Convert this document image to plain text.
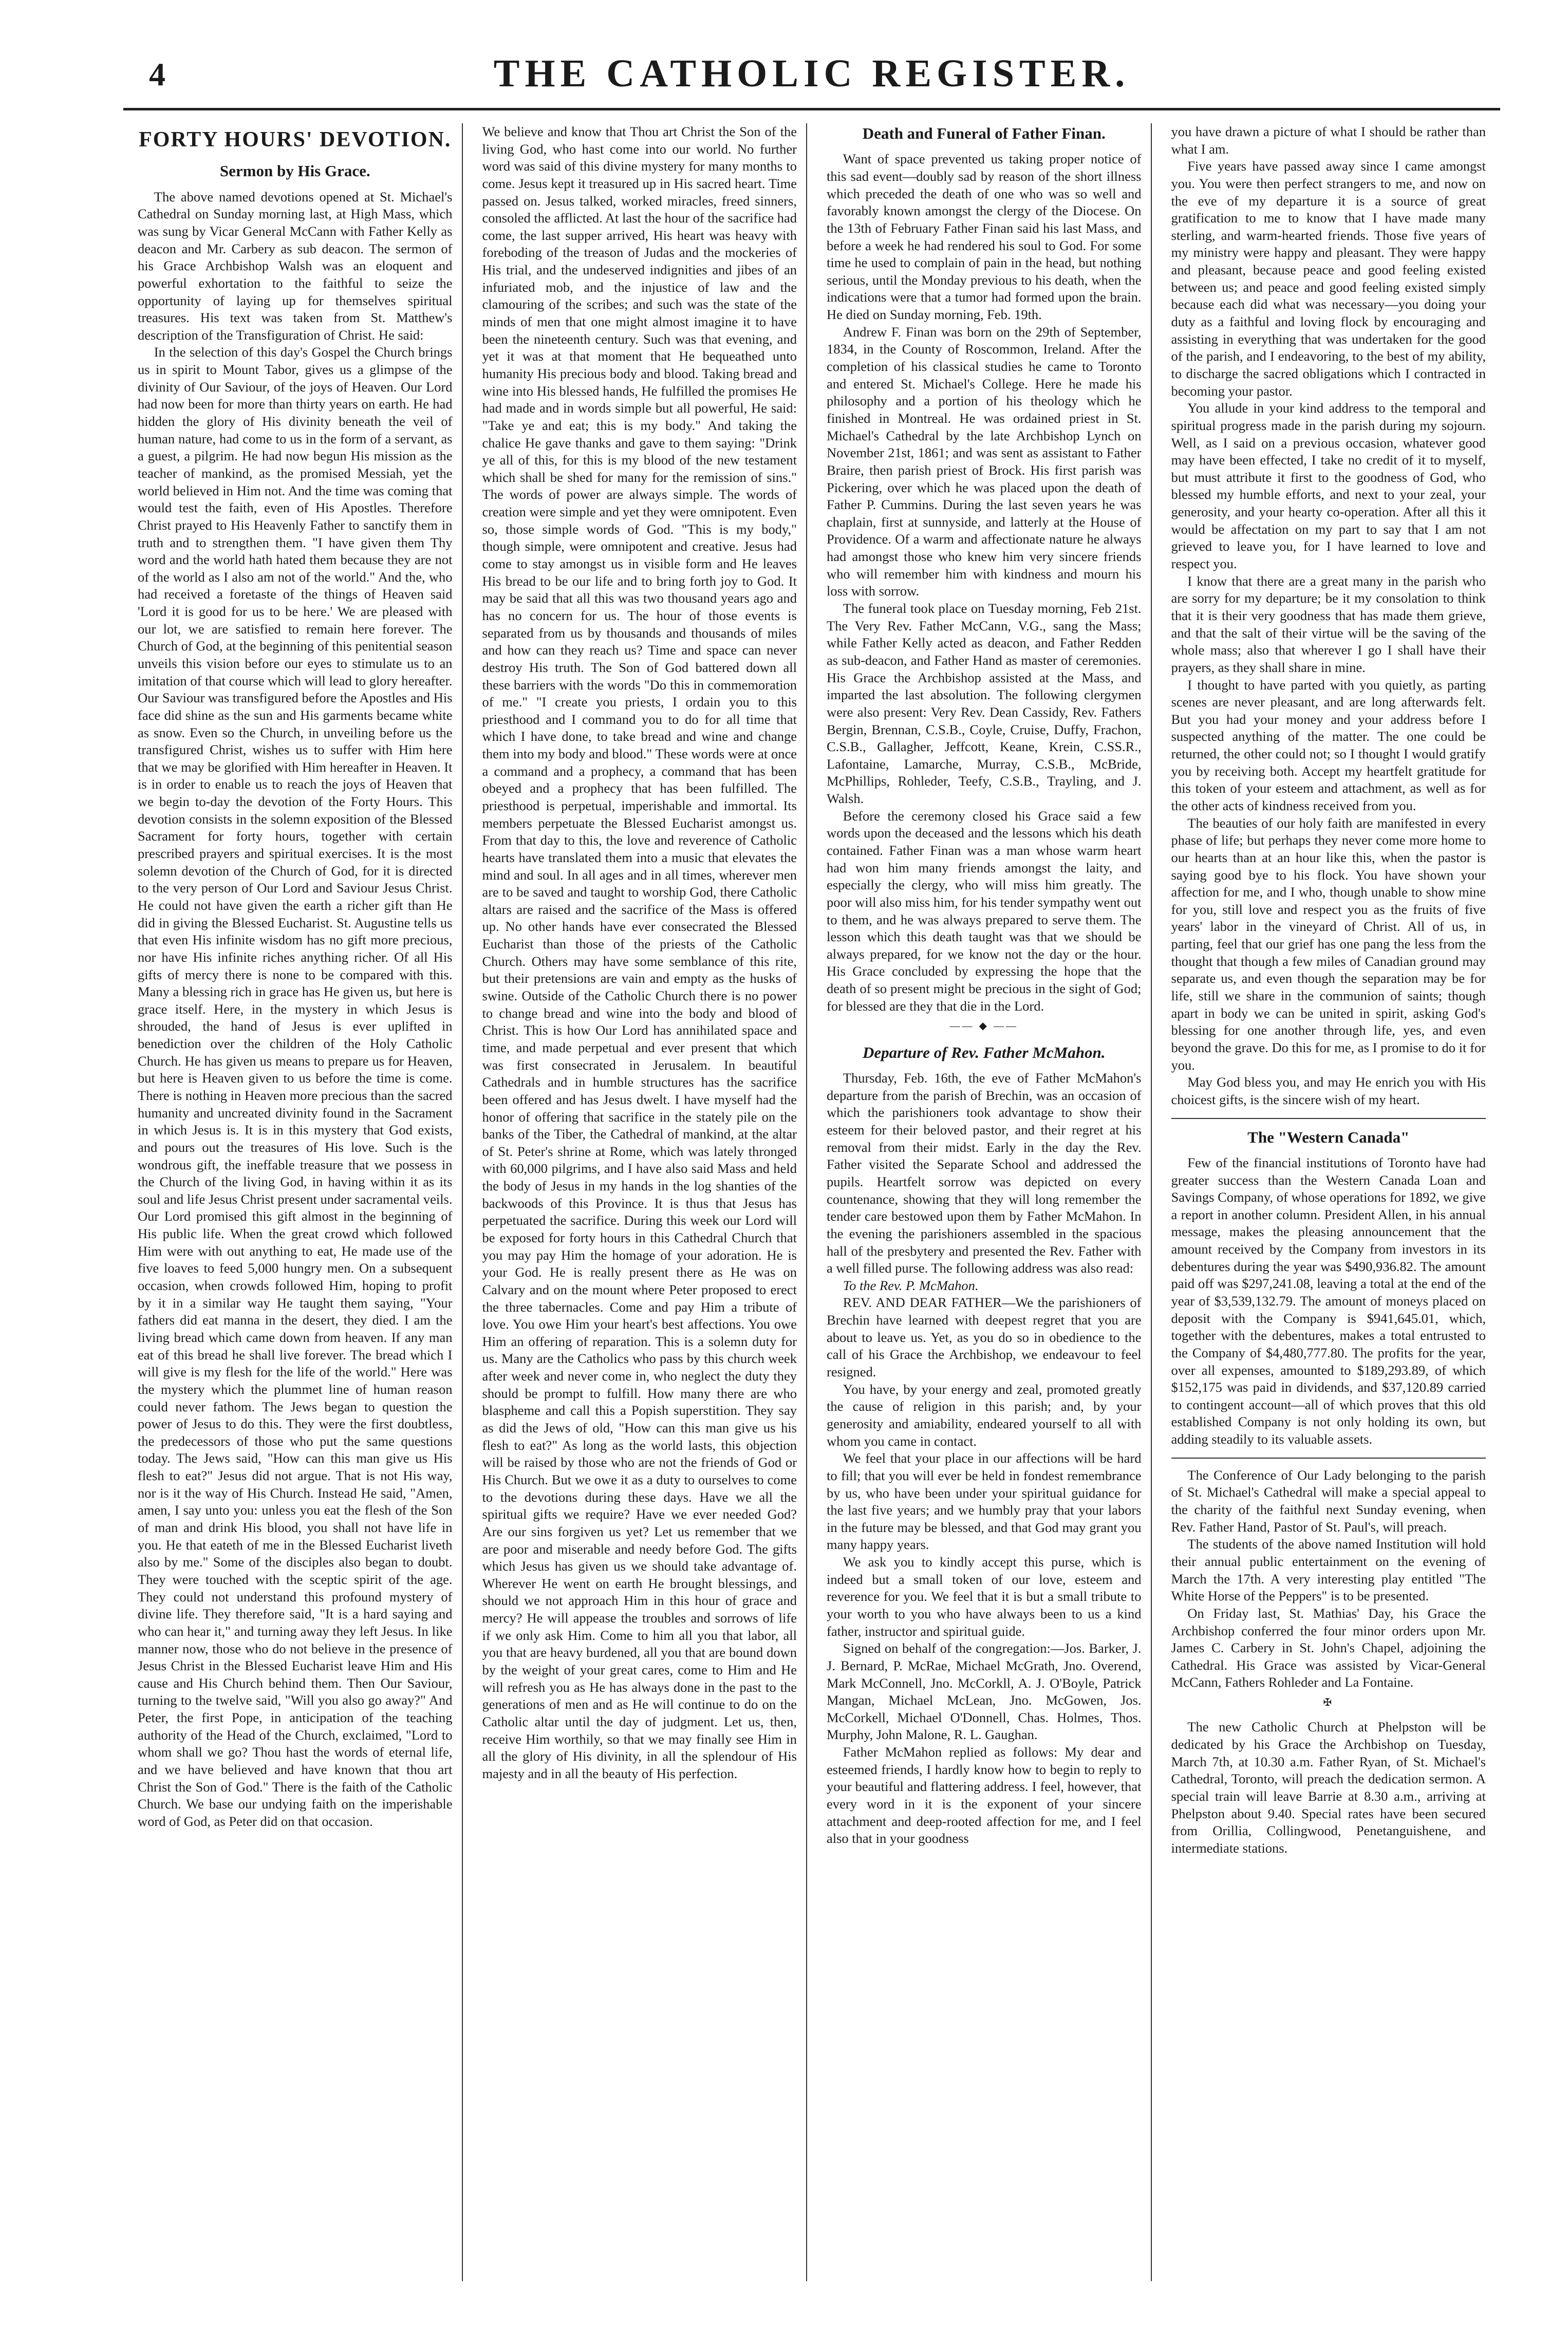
4	THE CATHOLIC REGISTER.
FORTY HOURS' DEVOTION.
Sermon by His Grace.

The above named devotions opened at St. Michael's Cathedral on Sunday morning last, at High Mass, which was sung by Vicar General McCann with Father Kelly as deacon and Mr. Carbery as sub deacon. The sermon of his Grace Archbishop Walsh was an eloquent and powerful exhortation to the faithful to seize the opportunity of laying up for themselves spiritual treasures. His text was taken from St. Matthew's description of the Transfiguration of Christ. He said:

In the selection of this day's Gospel the Church brings us in spirit to Mount Tabor, gives us a glimpse of the divinity of Our Saviour, of the joys of Heaven. Our Lord had now been for more than thirty years on earth. He had hidden the glory of His divinity beneath the veil of human nature, had come to us in the form of a servant, as a guest, a pilgrim. He had now begun His mission as the teacher of mankind, as the promised Messiah, yet the world believed in Him not. And the time was coming that would test the faith, even of His Apostles. Therefore Christ prayed to His Heavenly Father to sanctify them in truth and to strengthen them. "I have given them Thy word and the world hath hated them because they are not of the world as I also am not of the world." And the, who had received a foretaste of the things of Heaven said 'Lord it is good for us to be here.' We are pleased with our lot, we are satisfied to remain here forever. The Church of God, at the beginning of this penitential season unveils this vision before our eyes to stimulate us to an imitation of that course which will lead to glory hereafter. Our Saviour was transfigured before the Apostles and His face did shine as the sun and His garments became white as snow. Even so the Church, in unveiling before us the transfigured Christ, wishes us to suffer with Him here that we may be glorified with Him hereafter in Heaven. It is in order to enable us to reach the joys of Heaven that we begin to-day the devotion of the Forty Hours. This devotion consists in the solemn exposition of the Blessed Sacrament for forty hours, together with certain prescribed prayers and spiritual exercises. It is the most solemn devotion of the Church of God, for it is directed to the very person of Our Lord and Saviour Jesus Christ. He could not have given the earth a richer gift than He did in giving the Blessed Eucharist. St. Augustine tells us that even His infinite wisdom has no gift more precious, nor have His infinite riches anything richer. Of all His gifts of mercy there is none to be compared with this. Many a blessing rich in grace has He given us, but here is grace itself. Here, in the mystery in which Jesus is shrouded, the hand of Jesus is ever uplifted in benediction over the children of the Holy Catholic Church. He has given us means to prepare us for Heaven, but here is Heaven given to us before the time is come. There is nothing in Heaven more precious than the sacred humanity and uncreated divinity found in the Sacrament in which Jesus is. It is in this mystery that God exists, and pours out the treasures of His love. Such is the wondrous gift, the ineffable treasure that we possess in the Church of the living God, in having within it as its soul and life Jesus Christ present under sacramental veils. Our Lord promised this gift almost in the beginning of His public life. When the great crowd which followed Him were with out anything to eat, He made use of the five loaves to feed 5,000 hungry men. On a subsequent occasion, when crowds followed Him, hoping to profit by it in a similar way He taught them saying, "Your fathers did eat manna in the desert, they died. I am the living bread which came down from heaven. If any man eat of this bread he shall live forever. The bread which I will give is my flesh for the life of the world." Here was the mystery which the plummet line of human reason could never fathom. The Jews began to question the power of Jesus to do this. They were the first doubtless, the predecessors of those who put the same questions today. The Jews said, "How can this man give us His flesh to eat?" Jesus did not argue. That is not His way, nor is it the way of His Church. Instead He said, "Amen, amen, I say unto you: unless you eat the flesh of the Son of man and drink His blood, you shall not have life in you. He that eateth of me in the Blessed Eucharist liveth also by me." Some of the disciples also began to doubt. They were touched with the sceptic spirit of the age. They could not understand this profound mystery of divine life. They therefore said, "It is a hard saying and who can hear it," and turning away they left Jesus. In like manner now, those who do not believe in the presence of Jesus Christ in the Blessed Eucharist leave Him and His cause and His Church behind them. Then Our Saviour, turning to the twelve said, "Will you also go away?" And Peter, the first Pope, in anticipation of the teaching authority of the Head of the Church, exclaimed, "Lord to whom shall we go? Thou hast the words of eternal life, and we have believed and have known that thou art Christ the Son of God." There is the faith of the Catholic Church. We base our undying faith on the imperishable word of God, as Peter did on that occasion.

We believe and know that Thou art Christ the Son of the living God, who hast come into our world. No further word was said of this divine mystery for many months to come. Jesus kept it treasured up in His sacred heart. Time passed on. Jesus talked, worked miracles, freed sinners, consoled the afflicted. At last the hour of the sacrifice had come, the last supper arrived, His heart was heavy with foreboding of the treason of Judas and the mockeries of His trial, and the undeserved indignities and jibes of an infuriated mob, and the injustice of law and the clamouring of the scribes; and such was the state of the minds of men that one might almost imagine it to have been the nineteenth century. Such was that evening, and yet it was at that moment that He bequeathed unto humanity His precious body and blood. Taking bread and wine into His blessed hands, He fulfilled the promises He had made and in words simple but all powerful, He said: "Take ye and eat; this is my body." And taking the chalice He gave thanks and gave to them saying: "Drink ye all of this, for this is my blood of the new testament which shall be shed for many for the remission of sins." The words of power are always simple. The words of creation were simple and yet they were omnipotent. Even so, those simple words of God. "This is my body," though simple, were omnipotent and creative. Jesus had come to stay amongst us in visible form and He leaves His bread to be our life and to bring forth joy to God. It may be said that all this was two thousand years ago and has no concern for us. The hour of those events is separated from us by thousands and thousands of miles and how can they reach us? Time and space can never destroy His truth. The Son of God battered down all these barriers with the words "Do this in commemoration of me." "I create you priests, I ordain you to this priesthood and I command you to do for all time that which I have done, to take bread and wine and change them into my body and blood." These words were at once a command and a prophecy, a command that has been obeyed and a prophecy that has been fulfilled. The priesthood is perpetual, imperishable and immortal. Its members perpetuate the Blessed Eucharist amongst us. From that day to this, the love and reverence of Catholic hearts have translated them into a music that elevates the mind and soul. In all ages and in all times, wherever men are to be saved and taught to worship God, there Catholic altars are raised and the sacrifice of the Mass is offered up. No other hands have ever consecrated the Blessed Eucharist than those of the priests of the Catholic Church. Others may have some semblance of this rite, but their pretensions are vain and empty as the husks of swine. Outside of the Catholic Church there is no power to change bread and wine into the body and blood of Christ. This is how Our Lord has annihilated space and time, and made perpetual and ever present that which was first consecrated in Jerusalem. In beautiful Cathedrals and in humble structures has the sacrifice been offered and has Jesus dwelt. I have myself had the honor of offering that sacrifice in the stately pile on the banks of the Tiber, the Cathedral of mankind, at the altar of St. Peter's shrine at Rome, which was lately thronged with 60,000 pilgrims, and I have also said Mass and held the body of Jesus in my hands in the log shanties of the backwoods of this Province. It is thus that Jesus has perpetuated the sacrifice. During this week our Lord will be exposed for forty hours in this Cathedral Church that you may pay Him the homage of your adoration. He is your God. He is really present there as He was on Calvary and on the mount where Peter proposed to erect the three tabernacles. Come and pay Him a tribute of love. You owe Him your heart's best affections. You owe Him an offering of reparation. This is a solemn duty for us. Many are the Catholics who pass by this church week after week and never come in, who neglect the duty they should be prompt to fulfill. How many there are who blaspheme and call this a Popish superstition. They say as did the Jews of old, "How can this man give us his flesh to eat?" As long as the world lasts, this objection will be raised by those who are not the friends of God or His Church. But we owe it as a duty to ourselves to come to the devotions during these days. Have we all the spiritual gifts we require? Have we ever needed God? Are our sins forgiven us yet? Let us remember that we are poor and miserable and needy before God. The gifts which Jesus has given us we should take advantage of. Wherever He went on earth He brought blessings, and should we not approach Him in this hour of grace and mercy? He will appease the troubles and sorrows of life if we only ask Him. Come to him all you that labor, all you that are heavy burdened, all you that are bound down by the weight of your great cares, come to Him and He will refresh you as He has always done in the past to the generations of men and as He will continue to do on the Catholic altar until the day of judgment. Let us, then, receive Him worthily, so that we may finally see Him in all the glory of His divinity, in all the splendour of His majesty and in all the beauty of His perfection.

Death and Funeral of Father Finan.

Want of space prevented us taking proper notice of this sad event—doubly sad by reason of the short illness which preceded the death of one who was so well and favorably known amongst the clergy of the Diocese. On the 13th of February Father Finan said his last Mass, and before a week he had rendered his soul to God. For some time he used to complain of pain in the head, but nothing serious, until the Monday previous to his death, when the indications were that a tumor had formed upon the brain. He died on Sunday morning, Feb. 19th.

Andrew F. Finan was born on the 29th of September, 1834, in the County of Roscommon, Ireland. After the completion of his classical studies he came to Toronto and entered St. Michael's College. Here he made his philosophy and a portion of his theology which he finished in Montreal. He was ordained priest in St. Michael's Cathedral by the late Archbishop Lynch on November 21st, 1861; and was sent as assistant to Father Braire, then parish priest of Brock. His first parish was Pickering, over which he was placed upon the death of Father P. Cummins. During the last seven years he was chaplain, first at sunnyside, and latterly at the House of Providence. Of a warm and affectionate nature he always had amongst those who knew him very sincere friends who will remember him with kindness and mourn his loss with sorrow.

The funeral took place on Tuesday morning, Feb 21st. The Very Rev. Father McCann, V.G., sang the Mass; while Father Kelly acted as deacon, and Father Redden as sub-deacon, and Father Hand as master of ceremonies. His Grace the Archbishop assisted at the Mass, and imparted the last absolution. The following clergymen were also present: Very Rev. Dean Cassidy, Rev. Fathers Bergin, Brennan, C.S.B., Coyle, Cruise, Duffy, Frachon, C.S.B., Gallagher, Jeffcott, Keane, Krein, C.SS.R., Lafontaine, Lamarche, Murray, C.S.B., McBride, McPhillips, Rohleder, Teefy, C.S.B., Trayling, and J. Walsh.

Before the ceremony closed his Grace said a few words upon the deceased and the lessons which his death contained. Father Finan was a man whose warm heart had won him many friends amongst the laity, and especially the clergy, who will miss him greatly. The poor will also miss him, for his tender sympathy went out to them, and he was always prepared to serve them. The lesson which this death taught was that we should be always prepared, for we know not the day or the hour. His Grace concluded by expressing the hope that the death of so present might be precious in the sight of God; for blessed are they that die in the Lord.

—— ◆ ——
Departure of Rev. Father McMahon.

Thursday, Feb. 16th, the eve of Father McMahon's departure from the parish of Brechin, was an occasion of which the parishioners took advantage to show their esteem for their beloved pastor, and their regret at his removal from their midst. Early in the day the Rev. Father visited the Separate School and addressed the pupils. Heartfelt sorrow was depicted on every countenance, showing that they will long remember the tender care bestowed upon them by Father McMahon. In the evening the parishioners assembled in the spacious hall of the presbytery and presented the Rev. Father with a well filled purse. The following address was also read:

To the Rev. P. McMahon.

REV. AND DEAR FATHER—We the parishioners of Brechin have learned with deepest regret that you are about to leave us. Yet, as you do so in obedience to the call of his Grace the Archbishop, we endeavour to feel resigned.

You have, by your energy and zeal, promoted greatly the cause of religion in this parish; and, by your generosity and amiability, endeared yourself to all with whom you came in contact.

We feel that your place in our affections will be hard to fill; that you will ever be held in fondest remembrance by us, who have been under your spiritual guidance for the last five years; and we humbly pray that your labors in the future may be blessed, and that God may grant you many happy years.

We ask you to kindly accept this purse, which is indeed but a small token of our love, esteem and reverence for you. We feel that it is but a small tribute to your worth to you who have always been to us a kind father, instructor and spiritual guide.

Signed on behalf of the congregation:—Jos. Barker, J. J. Bernard, P. McRae, Michael McGrath, Jno. Overend, Mark McConnell, Jno. McCorkll, A. J. O'Boyle, Patrick Mangan, Michael McLean, Jno. McGowen, Jos. McCorkell, Michael O'Donnell, Chas. Holmes, Thos. Murphy, John Malone, R. L. Gaughan.

Father McMahon replied as follows: My dear and esteemed friends, I hardly know how to begin to reply to your beautiful and flattering address. I feel, however, that every word in it is the exponent of your sincere attachment and deep-rooted affection for me, and I feel also that in your goodness

you have drawn a picture of what I should be rather than what I am.

Five years have passed away since I came amongst you. You were then perfect strangers to me, and now on the eve of my departure it is a source of great gratification to me to know that I have made many sterling, and warm-hearted friends. Those five years of my ministry were happy and pleasant. They were happy and pleasant, because peace and good feeling existed between us; and peace and good feeling existed simply because each did what was necessary—you doing your duty as a faithful and loving flock by encouraging and assisting in everything that was undertaken for the good of the parish, and I endeavoring, to the best of my ability, to discharge the sacred obligations which I contracted in becoming your pastor.

You allude in your kind address to the temporal and spiritual progress made in the parish during my sojourn. Well, as I said on a previous occasion, whatever good may have been effected, I take no credit of it to myself, but must attribute it first to the goodness of God, who blessed my humble efforts, and next to your zeal, your generosity, and your hearty co-operation. After all this it would be affectation on my part to say that I am not grieved to leave you, for I have learned to love and respect you.

I know that there are a great many in the parish who are sorry for my departure; be it my consolation to think that it is their very goodness that has made them grieve, and that the salt of their virtue will be the saving of the whole mass; also that wherever I go I shall have their prayers, as they shall share in mine.

I thought to have parted with you quietly, as parting scenes are never pleasant, and are long afterwards felt. But you had your money and your address before I suspected anything of the matter. The one could be returned, the other could not; so I thought I would gratify you by receiving both. Accept my heartfelt gratitude for this token of your esteem and attachment, as well as for the other acts of kindness received from you.

The beauties of our holy faith are manifested in every phase of life; but perhaps they never come more home to our hearts than at an hour like this, when the pastor is saying good bye to his flock. You have shown your affection for me, and I who, though unable to show mine for you, still love and respect you as the fruits of five years' labor in the vineyard of Christ. All of us, in parting, feel that our grief has one pang the less from the thought that though a few miles of Canadian ground may separate us, and even though the separation may be for life, still we share in the communion of saints; though apart in body we can be united in spirit, asking God's blessing for one another through life, yes, and even beyond the grave. Do this for me, as I promise to do it for you.

May God bless you, and may He enrich you with His choicest gifts, is the sincere wish of my heart.

The "Western Canada"

Few of the financial institutions of Toronto have had greater success than the Western Canada Loan and Savings Company, of whose operations for 1892, we give a report in another column. President Allen, in his annual message, makes the pleasing announcement that the amount received by the Company from investors in its debentures during the year was $490,936.82. The amount paid off was $297,241.08, leaving a total at the end of the year of $3,539,132.79. The amount of moneys placed on deposit with the Company is $941,645.01, which, together with the debentures, makes a total entrusted to the Company of $4,480,777.80. The profits for the year, over all expenses, amounted to $189,293.89, of which $152,175 was paid in dividends, and $37,120.89 carried to contingent account—all of which proves that this old established Company is not only holding its own, but adding steadily to its valuable assets.

The Conference of Our Lady belonging to the parish of St. Michael's Cathedral will make a special appeal to the charity of the faithful next Sunday evening, when Rev. Father Hand, Pastor of St. Paul's, will preach.

The students of the above named Institution will hold their annual public entertainment on the evening of March the 17th. A very interesting play entitled "The White Horse of the Peppers" is to be presented.

On Friday last, St. Mathias' Day, his Grace the Archbishop conferred the four minor orders upon Mr. James C. Carbery in St. John's Chapel, adjoining the Cathedral. His Grace was assisted by Vicar-General McCann, Fathers Rohleder and La Fontaine.

✠

The new Catholic Church at Phelpston will be dedicated by his Grace the Archbishop on Tuesday, March 7th, at 10.30 a.m. Father Ryan, of St. Michael's Cathedral, Toronto, will preach the dedication sermon. A special train will leave Barrie at 8.30 a.m., arriving at Phelpston about 9.40. Special rates have been secured from Orillia, Collingwood, Penetanguishene, and intermediate stations.
